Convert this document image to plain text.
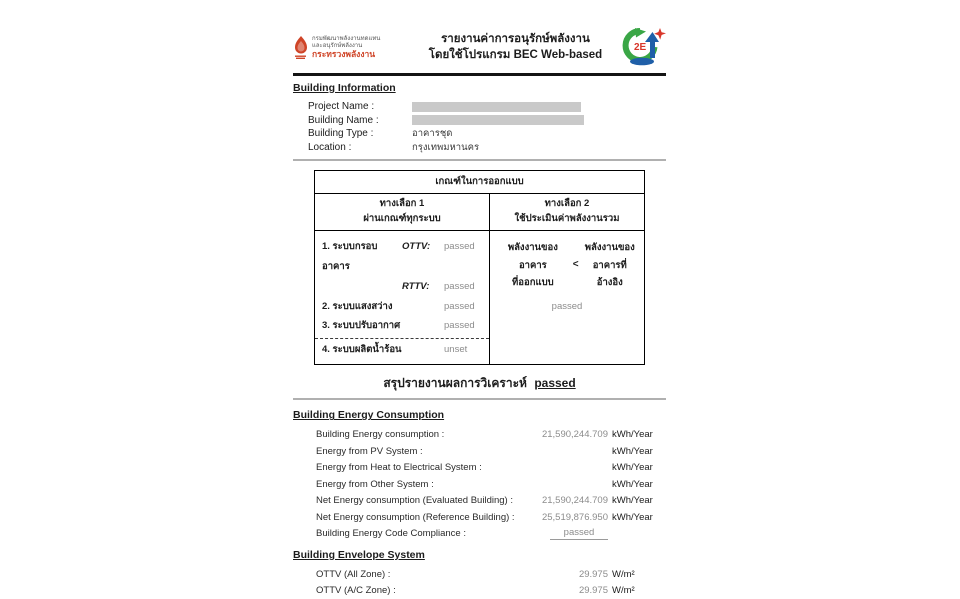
กรมพัฒนาพลังงานทดแทน
และอนุรักษ์พลังงาน
กระทรวงพลังงาน
รายงานค่าการอนุรักษ์พลังงาน
โดยใช้โปรแกรม BEC Web-based
2E
Building Information
Project Name :
Building Name :
Building Type :	อาคารชุด
Location :	กรุงเทพมหานคร
เกณฑ์ในการออกแบบ
ทางเลือก 1
ผ่านเกณฑ์ทุกระบบ
ทางเลือก 2
ใช้ประเมินค่าพลังงานรวม
1. ระบบกรอบอาคาร
OTTV:	passed
RTTV:	passed
2. ระบบแสงสว่าง	passed
3. ระบบปรับอากาศ	passed
4. ระบบผลิตน้ำร้อน	unset
พลังงานของอาคาร
ที่ออกแบบ
<
พลังงานของ
อาคารที่อ้างอิง
passed
สรุปรายงานผลการวิเคราะห์ passed
Building Energy Consumption
Building Energy consumption :	21,590,244.709 kWh/Year
Energy from PV System :	kWh/Year
Energy from Heat to Electrical System :	kWh/Year
Energy from Other System :	kWh/Year
Net Energy consumption (Evaluated Building) :	21,590,244.709 kWh/Year
Net Energy consumption (Reference Building) :	25,519,876.950 kWh/Year
Building Energy Code Compliance :	passed
Building Envelope System
OTTV (All Zone) :	29.975 W/m²
OTTV (A/C Zone) :	29.975 W/m²
